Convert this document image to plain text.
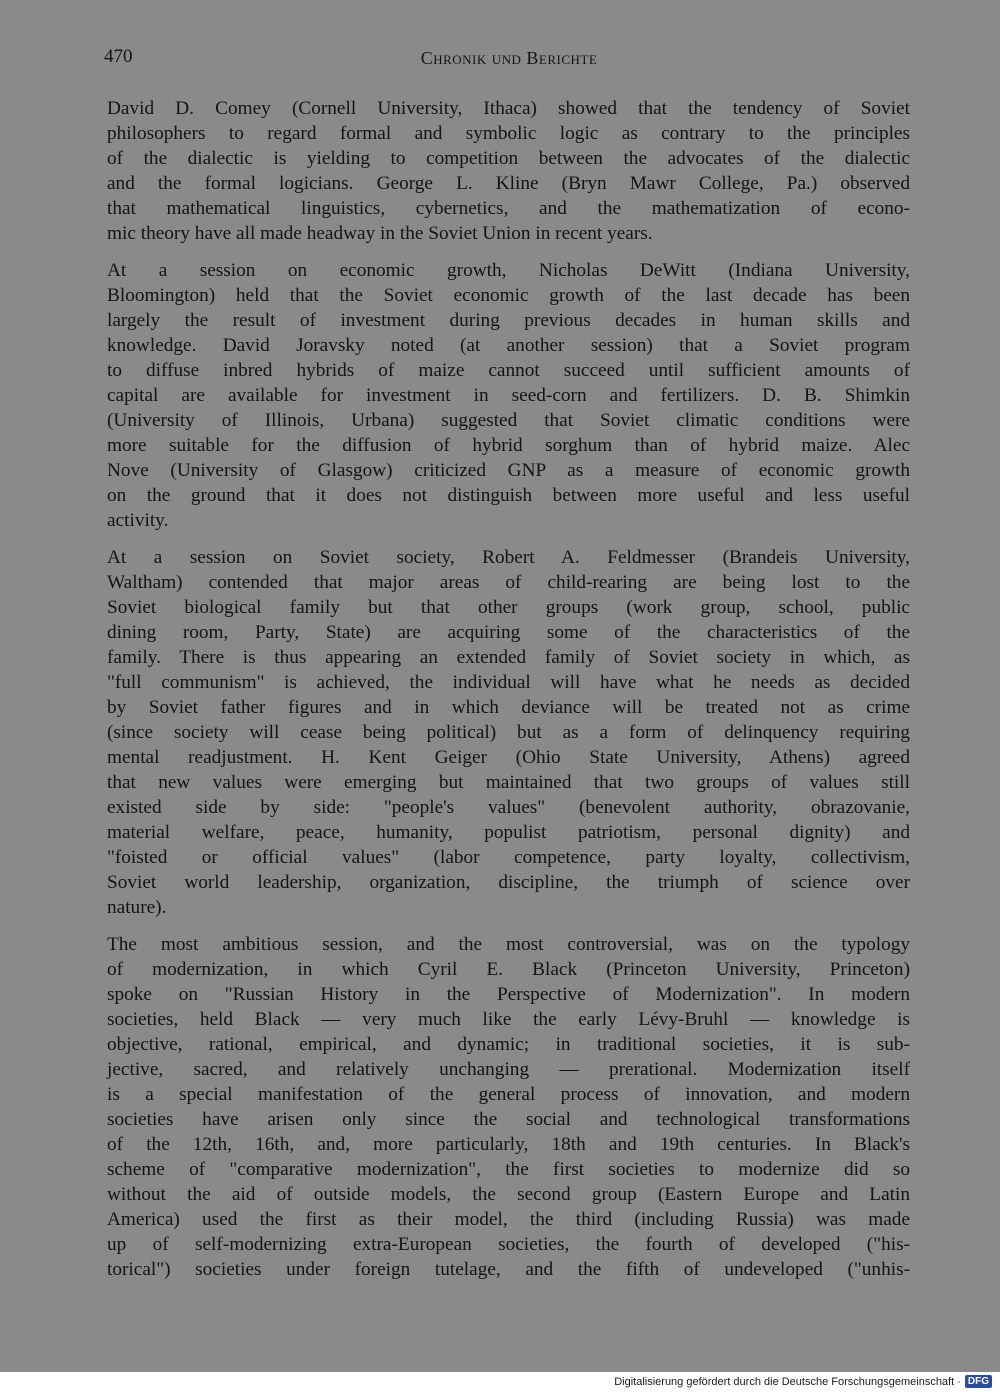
470	Chronik und Berichte

David D. Comey (Cornell University, Ithaca) showed that the tendency of Soviet
philosophers to regard formal and symbolic logic as contrary to the principles
of the dialectic is yielding to competition between the advocates of the dialectic
and the formal logicians. George L. Kline (Bryn Mawr College, Pa.) observed
that mathematical linguistics, cybernetics, and the mathematization of econo-
mic theory have all made headway in the Soviet Union in recent years.

At a session on economic growth, Nicholas DeWitt (Indiana University,
Bloomington) held that the Soviet economic growth of the last decade has been
largely the result of investment during previous decades in human skills and
knowledge. David Joravsky noted (at another session) that a Soviet program
to diffuse inbred hybrids of maize cannot succeed until sufficient amounts of
capital are available for investment in seed-corn and fertilizers. D. B. Shimkin
(University of Illinois, Urbana) suggested that Soviet climatic conditions were
more suitable for the diffusion of hybrid sorghum than of hybrid maize. Alec
Nove (University of Glasgow) criticized GNP as a measure of economic growth
on the ground that it does not distinguish between more useful and less useful
activity.

At a session on Soviet society, Robert A. Feldmesser (Brandeis University,
Waltham) contended that major areas of child-rearing are being lost to the
Soviet biological family but that other groups (work group, school, public
dining room, Party, State) are acquiring some of the characteristics of the
family. There is thus appearing an extended family of Soviet society in which, as
"full communism" is achieved, the individual will have what he needs as decided
by Soviet father figures and in which deviance will be treated not as crime
(since society will cease being political) but as a form of delinquency requiring
mental readjustment. H. Kent Geiger (Ohio State University, Athens) agreed
that new values were emerging but maintained that two groups of values still
existed side by side: "people's values" (benevolent authority, obrazovanie,
material welfare, peace, humanity, populist patriotism, personal dignity) and
"foisted or official values" (labor competence, party loyalty, collectivism,
Soviet world leadership, organization, discipline, the triumph of science over
nature).

The most ambitious session, and the most controversial, was on the typology
of modernization, in which Cyril E. Black (Princeton University, Princeton)
spoke on "Russian History in the Perspective of Modernization". In modern
societies, held Black — very much like the early Lévy-Bruhl — knowledge is
objective, rational, empirical, and dynamic; in traditional societies, it is sub-
jective, sacred, and relatively unchanging — prerational. Modernization itself
is a special manifestation of the general process of innovation, and modern
societies have arisen only since the social and technological transformations
of the 12th, 16th, and, more particularly, 18th and 19th centuries. In Black's
scheme of "comparative modernization", the first societies to modernize did so
without the aid of outside models, the second group (Eastern Europe and Latin
America) used the first as their model, the third (including Russia) was made
up of self-modernizing extra-European societies, the fourth of developed ("his-
torical") societies under foreign tutelage, and the fifth of undeveloped ("unhis-

Digitalisierung gefördert durch die Deutsche Forschungsgemeinschaft · DFG
